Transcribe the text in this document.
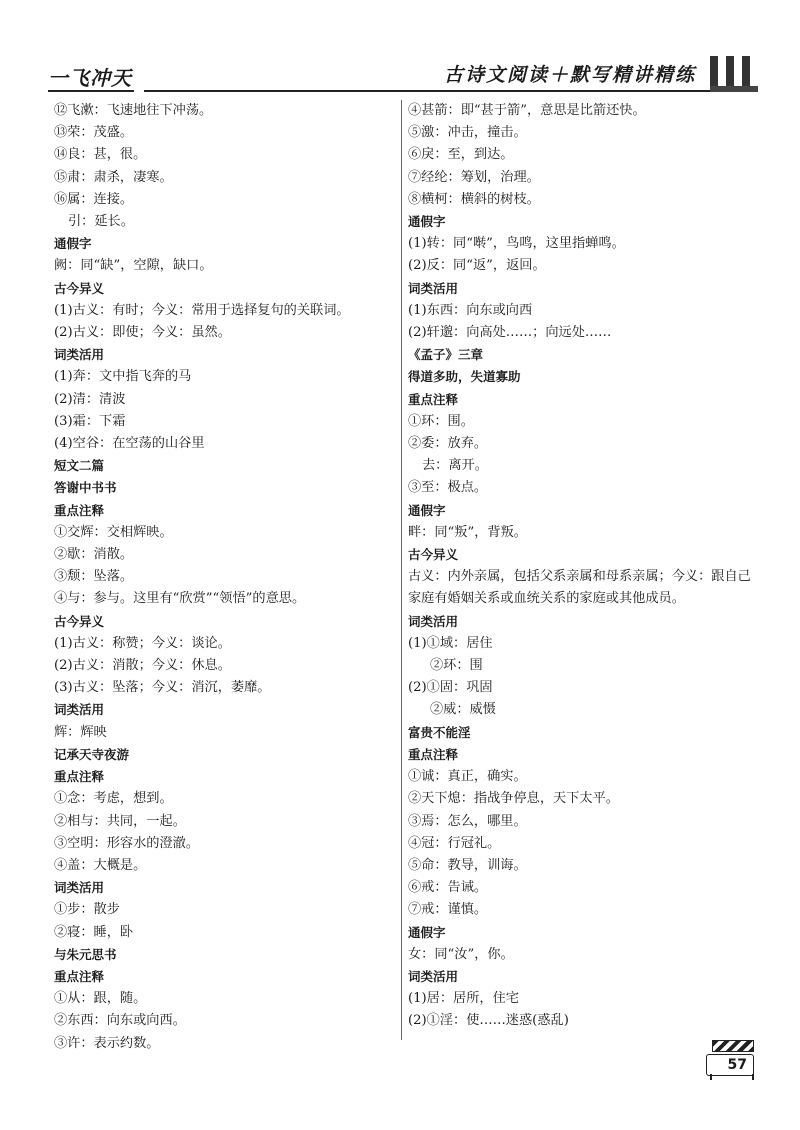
一飞冲天	古诗文阅读＋默写精讲精练
⑫飞漱：飞速地往下冲荡。
⑬荣：茂盛。
⑭良：甚，很。
⑮肃：肃杀，凄寒。
⑯属：连接。
引：延长。
通假字
阙：同“缺”，空隙，缺口。
古今异义
(1)古义：有时；今义：常用于选择复句的关联词。
(2)古义：即使；今义：虽然。
词类活用
(1)奔：文中指飞奔的马
(2)清：清波
(3)霜：下霜
(4)空谷：在空荡的山谷里
短文二篇
答谢中书书
重点注释
①交辉：交相辉映。
②歇：消散。
③颓：坠落。
④与：参与。这里有“欣赏”“领悟”的意思。
古今异义
(1)古义：称赞；今义：谈论。
(2)古义：消散；今义：休息。
(3)古义：坠落；今义：消沉，萎靡。
词类活用
辉：辉映
记承天寺夜游
重点注释
①念：考虑，想到。
②相与：共同，一起。
③空明：形容水的澄澈。
④盖：大概是。
词类活用
①步：散步
②寝：睡，卧
与朱元思书
重点注释
①从：跟，随。
②东西：向东或向西。
③许：表示约数。
④甚箭：即“甚于箭”，意思是比箭还快。
⑤激：冲击，撞击。
⑥戾：至，到达。
⑦经纶：筹划，治理。
⑧横柯：横斜的树枝。
通假字
(1)转：同“啭”，鸟鸣，这里指蝉鸣。
(2)反：同“返”，返回。
词类活用
(1)东西：向东或向西
(2)轩邈：向高处……；向远处……
《孟子》三章
得道多助，失道寡助
重点注释
①环：围。
②委：放弃。
去：离开。
③至：极点。
通假字
畔：同“叛”，背叛。
古今异义
古义：内外亲属，包括父系亲属和母系亲属；今义：跟自己家庭有婚姻关系或血统关系的家庭或其他成员。
词类活用
(1)①域：居住
②环：围
(2)①固：巩固
②威：威慑
富贵不能淫
重点注释
①诚：真正，确实。
②天下熄：指战争停息，天下太平。
③焉：怎么，哪里。
④冠：行冠礼。
⑤命：教导，训诲。
⑥戒：告诫。
⑦戒：谨慎。
通假字
女：同“汝”，你。
词类活用
(1)居：居所，住宅
(2)①淫：使……迷惑(惑乱)
57
